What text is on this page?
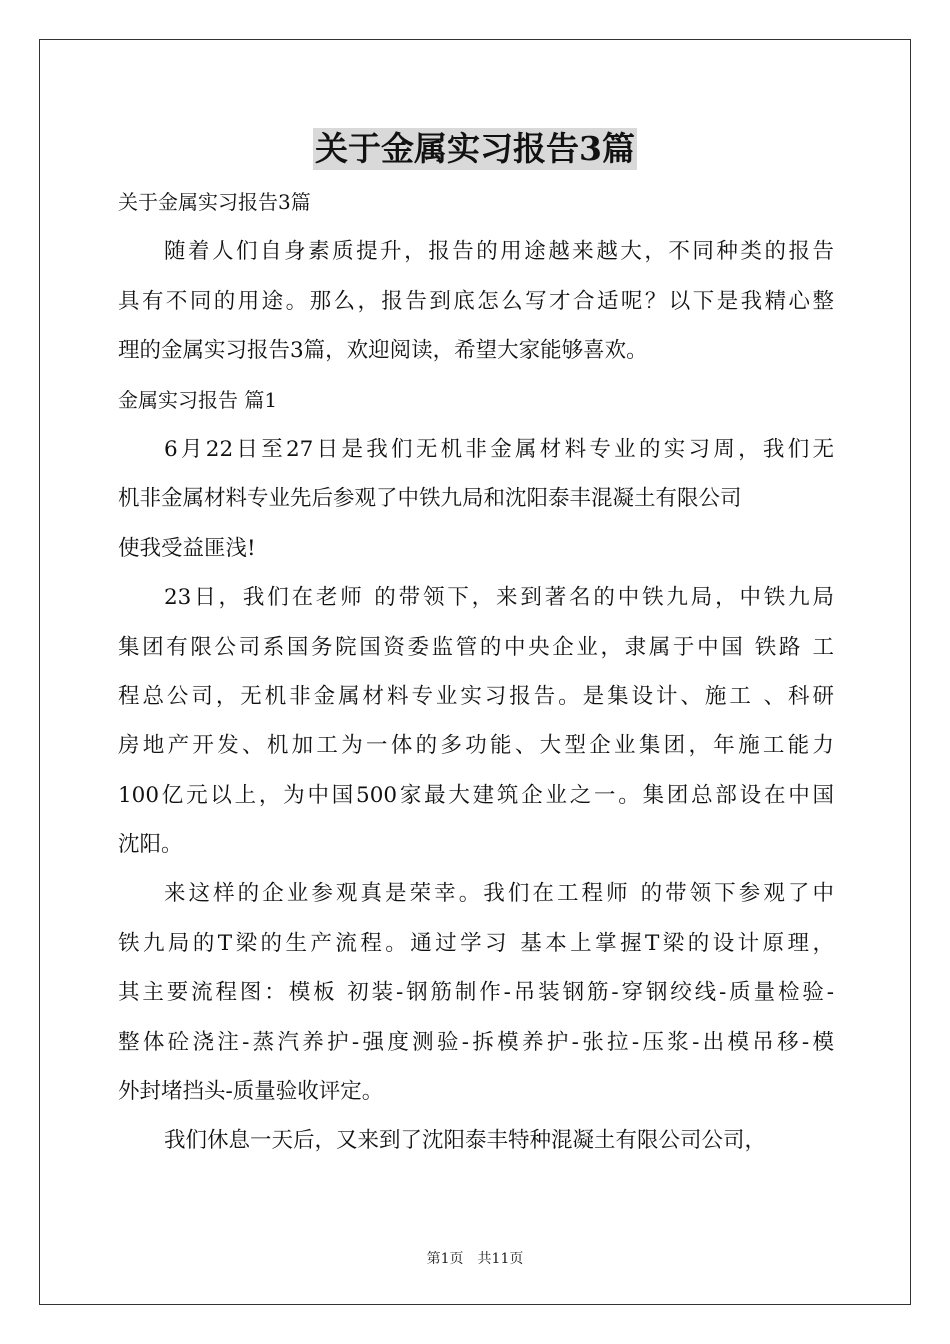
关于金属实习报告3篇

关于金属实习报告3篇

随着人们自身素质提升，报告的用途越来越大，不同种类的报告

具有不同的用途。那么，报告到底怎么写才合适呢？以下是我精心整

理的金属实习报告3篇，欢迎阅读，希望大家能够喜欢。

金属实习报告 篇1

6月22日至27日是我们无机非金属材料专业的实习周，我们无

机非金属材料专业先后参观了中铁九局和沈阳泰丰混凝土有限公司

使我受益匪浅!

23日，我们在老师 的带领下，来到著名的中铁九局，中铁九局

集团有限公司系国务院国资委监管的中央企业，隶属于中国 铁路 工

程总公司，无机非金属材料专业实习报告。是集设计、施工 、科研

房地产开发、机加工为一体的多功能、大型企业集团，年施工能力

100亿元以上，为中国500家最大建筑企业之一。集团总部设在中国

沈阳。

来这样的企业参观真是荣幸。我们在工程师 的带领下参观了中

铁九局的T梁的生产流程。通过学习 基本上掌握T梁的设计原理，

其主要流程图：模板 初装-钢筋制作-吊装钢筋-穿钢绞线-质量检验-

整体砼浇注-蒸汽养护-强度测验-拆模养护-张拉-压浆-出模吊移-模

外封堵挡头-质量验收评定。

我们休息一天后，又来到了沈阳泰丰特种混凝土有限公司公司，

第1页 共11页
